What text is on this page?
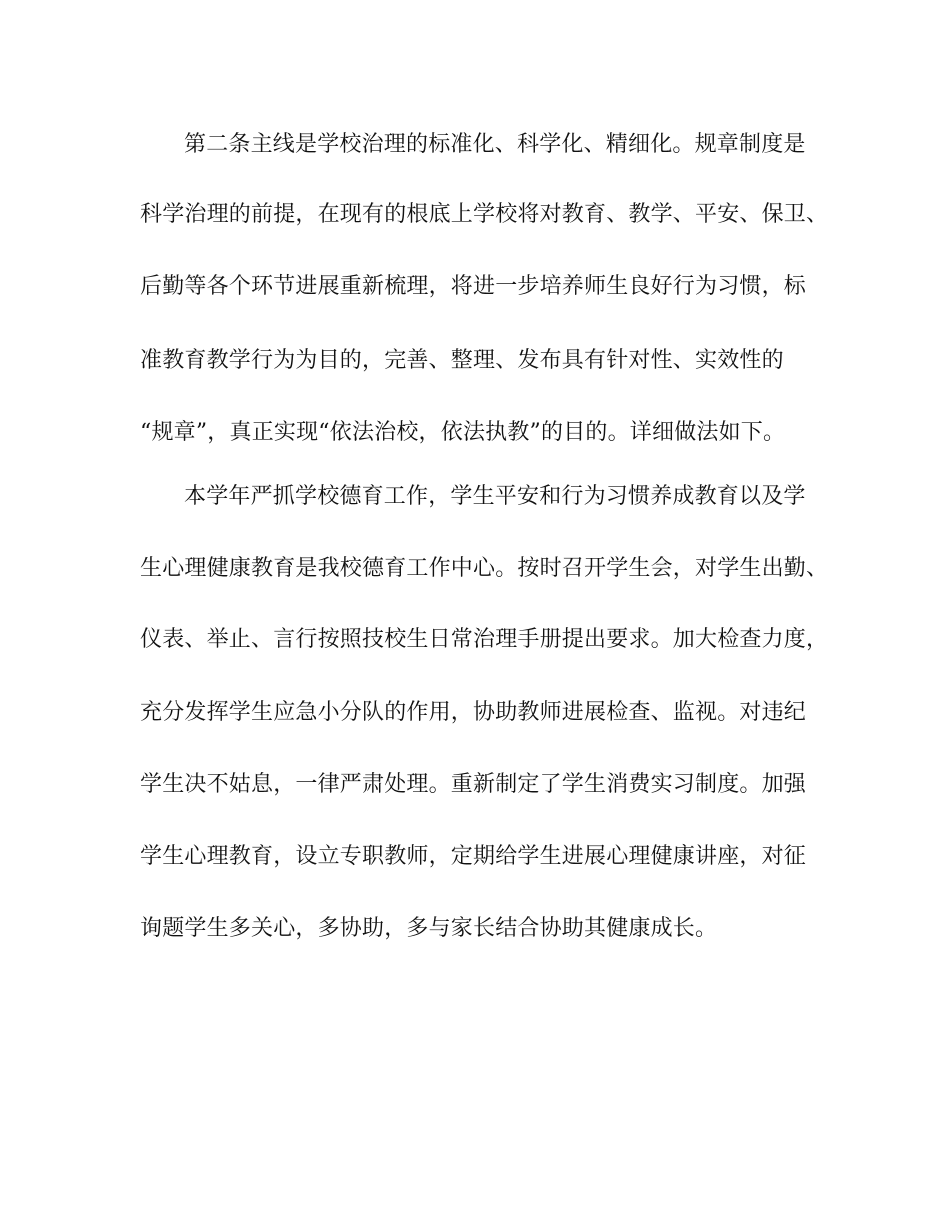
第二条主线是学校治理的标准化、科学化、精细化。规章制度是
科学治理的前提，在现有的根底上学校将对教育、教学、平安、保卫、
后勤等各个环节进展重新梳理，将进一步培养师生良好行为习惯，标
准教育教学行为为目的，完善、整理、发布具有针对性、实效性的
“规章”，真正实现“依法治校，依法执教”的目的。详细做法如下。
本学年严抓学校德育工作，学生平安和行为习惯养成教育以及学
生心理健康教育是我校德育工作中心。按时召开学生会，对学生出勤、
仪表、举止、言行按照技校生日常治理手册提出要求。加大检查力度，
充分发挥学生应急小分队的作用，协助教师进展检查、监视。对违纪
学生决不姑息，一律严肃处理。重新制定了学生消费实习制度。加强
学生心理教育，设立专职教师，定期给学生进展心理健康讲座，对征
询题学生多关心，多协助，多与家长结合协助其健康成长。
